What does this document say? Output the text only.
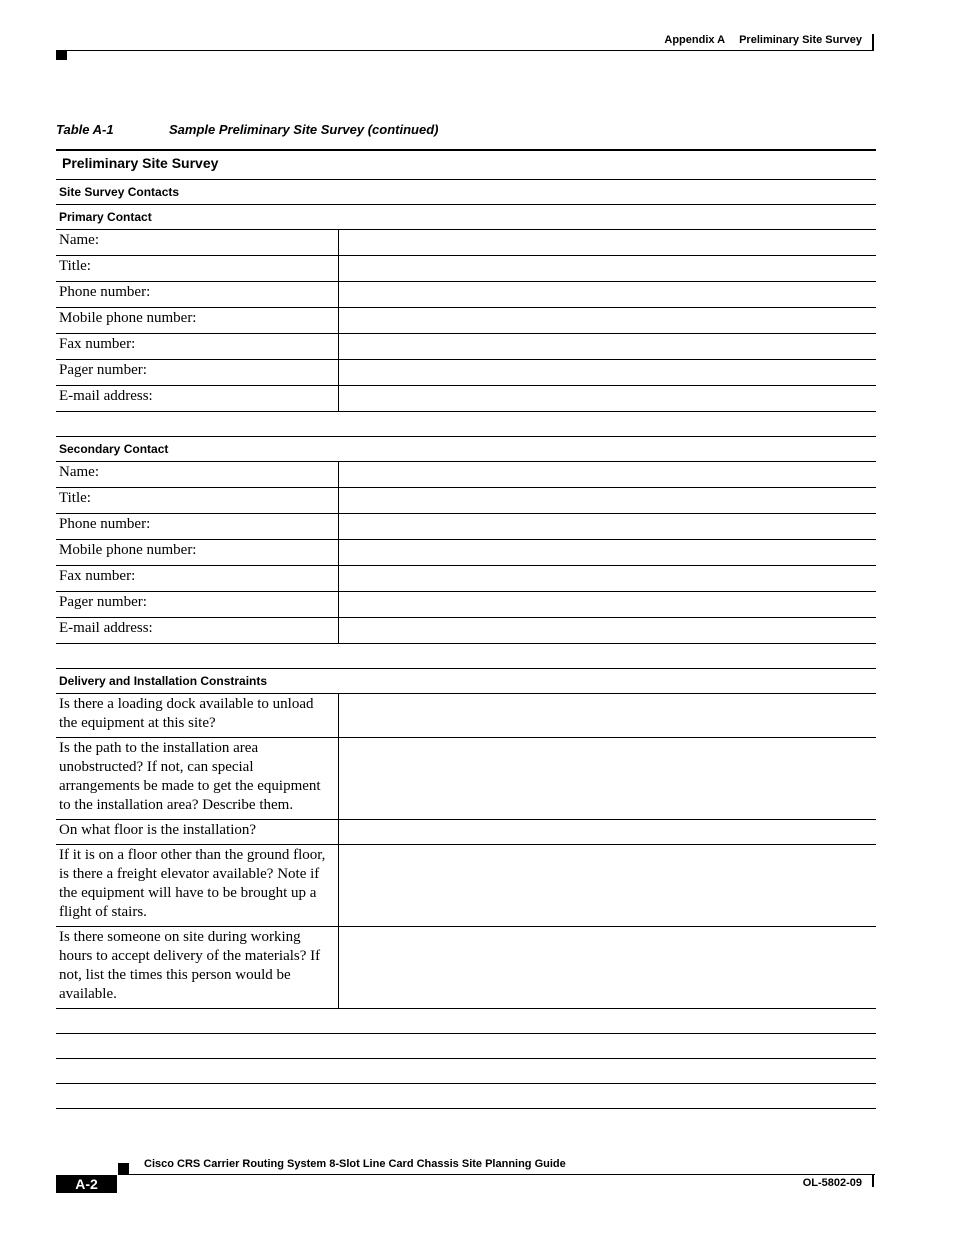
Appendix A Preliminary Site Survey
Table A-1	Sample Preliminary Site Survey (continued)
Preliminary Site Survey	
Site Survey Contacts	
Primary Contact	
Name:	
Title:	
Phone number:	
Mobile phone number:	
Fax number:	
Pager number:	
E-mail address:	

Secondary Contact	
Name:	
Title:	
Phone number:	
Mobile phone number:	
Fax number:	
Pager number:	
E-mail address:	

Delivery and Installation Constraints	
Is there a loading dock available to unload the equipment at this site?	
Is the path to the installation area unobstructed? If not, can special arrangements be made to get the equipment to the installation area? Describe them.	
On what floor is the installation?	
If it is on a floor other than the ground floor, is there a freight elevator available? Note if the equipment will have to be brought up a flight of stairs.	
Is there someone on site during working hours to accept delivery of the materials? If not, list the times this person would be available.	

Cisco CRS Carrier Routing System 8-Slot Line Card Chassis Site Planning Guide
A-2	OL-5802-09
